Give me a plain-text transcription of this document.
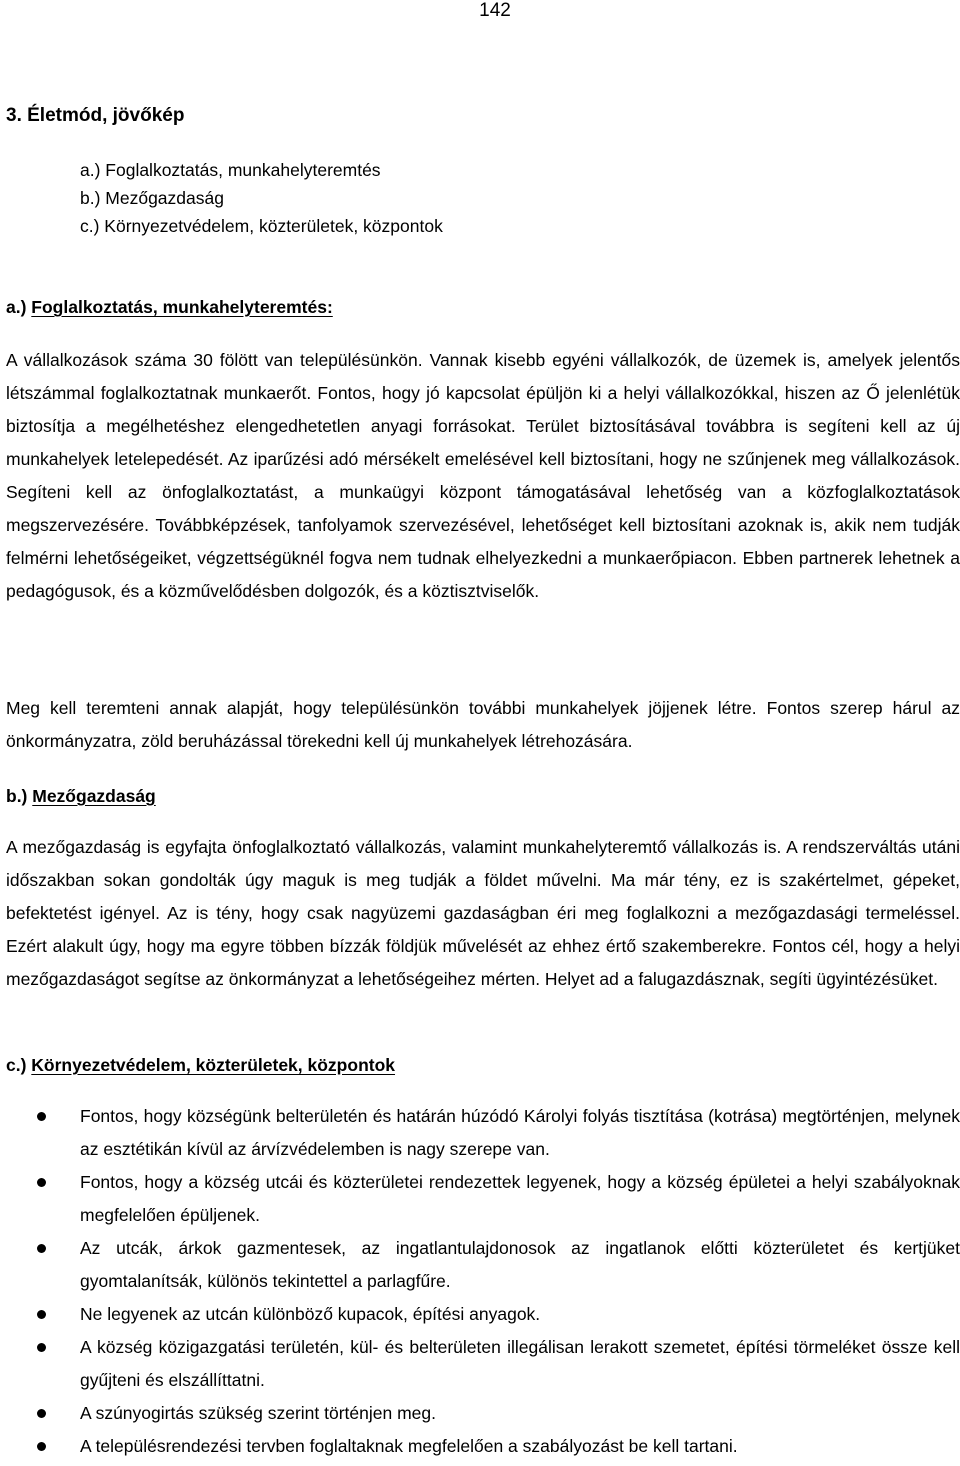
142

3. Életmód, jövőkép
a.) Foglalkoztatás, munkahelyteremtés
b.) Mezőgazdaság
c.) Környezetvédelem, közterületek, központok
a.) Foglalkoztatás, munkahelyteremtés:

A vállalkozások száma 30 fölött van településünkön. Vannak kisebb egyéni vállalkozók, de üzemek is, amelyek jelentős létszámmal foglalkoztatnak munkaerőt. Fontos, hogy jó kapcsolat épüljön ki a helyi vállalkozókkal, hiszen az Ő jelenlétük biztosítja a megélhetéshez elengedhetetlen anyagi forrásokat. Terület biztosításával továbbra is segíteni kell az új munkahelyek letelepedését. Az iparűzési adó mérsékelt emelésével kell biztosítani, hogy ne szűnjenek meg vállalkozások. Segíteni kell az önfoglalkoztatást, a munkaügyi központ támogatásával lehetőség van a közfoglalkoztatások megszervezésére. Továbbképzések, tanfolyamok szervezésével, lehetőséget kell biztosítani azoknak is, akik nem tudják felmérni lehetőségeiket, végzettségüknél fogva nem tudnak elhelyezkedni a munkaerőpiacon. Ebben partnerek lehetnek a pedagógusok, és a közművelődésben dolgozók, és a köztisztviselők.

Meg kell teremteni annak alapját, hogy településünkön további munkahelyek jöjjenek létre. Fontos szerep hárul az önkormányzatra, zöld beruházással törekedni kell új munkahelyek létrehozására.

b.) Mezőgazdaság

A mezőgazdaság is egyfajta önfoglalkoztató vállalkozás, valamint munkahelyteremtő vállalkozás is. A rendszerváltás utáni időszakban sokan gondolták úgy maguk is meg tudják a földet művelni. Ma már tény, ez is szakértelmet, gépeket, befektetést igényel. Az is tény, hogy csak nagyüzemi gazdaságban éri meg foglalkozni a mezőgazdasági termeléssel. Ezért alakult úgy, hogy ma egyre többen bízzák földjük művelését az ehhez értő szakemberekre. Fontos cél, hogy a helyi mezőgazdaságot segítse az önkormányzat a lehetőségeihez mérten. Helyet ad a falugazdásznak, segíti ügyintézésüket.

c.) Környezetvédelem, közterületek, központok
Fontos, hogy községünk belterületén és határán húzódó Károlyi folyás tisztítása (kotrása) megtörténjen, melynek az esztétikán kívül az árvízvédelemben is nagy szerepe van.
Fontos, hogy a község utcái és közterületei rendezettek legyenek, hogy a község épületei a helyi szabályoknak megfelelően épüljenek.
Az utcák, árkok gazmentesek, az ingatlantulajdonosok az ingatlanok előtti közterületet és kertjüket gyomtalanítsák, különös tekintettel a parlagfűre.
Ne legyenek az utcán különböző kupacok, építési anyagok.
A község közigazgatási területén, kül- és belterületen illegálisan lerakott szemetet, építési törmeléket össze kell gyűjteni és elszállíttatni.
A szúnyogirtás szükség szerint történjen meg.
A településrendezési tervben foglaltaknak megfelelően a szabályozást be kell tartani.
